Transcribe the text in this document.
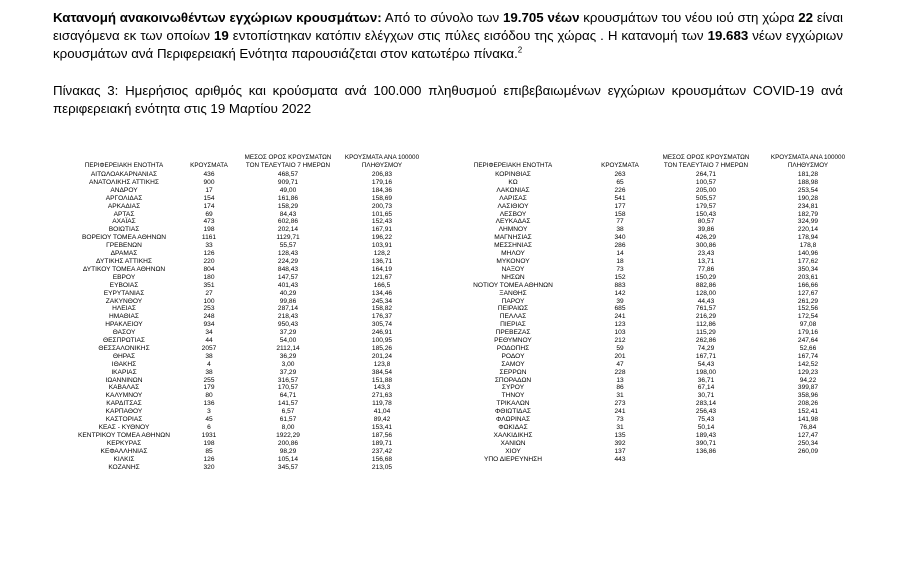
Κατανομή ανακοινωθέντων εγχώριων κρουσμάτων: Από το σύνολο των 19.705 νέων κρουσμάτων του νέου ιού στη χώρα 22 είναι εισαγόμενα εκ των οποίων 19 εντοπίστηκαν κατόπιν ελέγχων στις πύλες εισόδου της χώρας . Η κατανομή των 19.683 νέων εγχώριων κρουσμάτων ανά Περιφερειακή Ενότητα παρουσιάζεται στον κατωτέρω πίνακα.$^2$
Πίνακας 3: Ημερήσιος αριθμός και κρούσματα ανά 100.000 πληθυσμού επιβεβαιωμένων εγχώριων κρουσμάτων COVID-19 ανά περιφερειακή ενότητα στις 19 Μαρτίου 2022
ΠΕΡΙΦΕΡΕΙΑΚΗ ΕΝΟΤΗΤΑ	ΚΡΟΥΣΜΑΤΑ
ΜΕΣΟΣ ΟΡΟΣ ΚΡΟΥΣΜΑΤΩΝ
ΤΟΝ ΤΕΛΕΥΤΑΙΟ 7 ΗΜΕΡΩΝ
ΚΡΟΥΣΜΑΤΑ ΑΝΑ 100000
ΠΛΗΘΥΣΜΟΥ	ΠΕΡΙΦΕΡΕΙΑΚΗ ΕΝΟΤΗΤΑ	ΚΡΟΥΣΜΑΤΑ
ΜΕΣΟΣ ΟΡΟΣ ΚΡΟΥΣΜΑΤΩΝ
ΤΟΝ ΤΕΛΕΥΤΑΙΟ 7 ΗΜΕΡΩΝ
ΚΡΟΥΣΜΑΤΑ ΑΝΑ 100000
ΠΛΗΘΥΣΜΟΥ
ΑΙΤΩΛΟΑΚΑΡΝΑΝΙΑΣ	436	468,57	206,83	ΚΟΡΙΝΘΙΑΣ	263	264,71	181,28
ΑΝΑΤΟΛΙΚΗΣ ΑΤΤΙΚΗΣ	900	909,71	179,16	ΚΩ	65	100,57	188,98
ΑΝΔΡΟΥ	17	49,00	184,36	ΛΑΚΩΝΙΑΣ	226	205,00	253,54
ΑΡΓΟΛΙΔΑΣ	154	161,86	158,69	ΛΑΡΙΣΑΣ	541	505,57	190,28
ΑΡΚΑΔΙΑΣ	174	158,29	200,73	ΛΑΣΙΘΙΟΥ	177	179,57	234,81
ΑΡΤΑΣ	69	84,43	101,65	ΛΕΣΒΟΥ	158	150,43	182,79
ΑΧΑΪΑΣ	473	602,86	152,43	ΛΕΥΚΑΔΑΣ	77	80,57	324,99
ΒΟΙΩΤΙΑΣ	198	202,14	167,91	ΛΗΜΝΟΥ	38	39,86	220,14
ΒΟΡΕΙΟΥ ΤΟΜΕΑ ΑΘΗΝΩΝ	1161	1129,71	196,22	ΜΑΓΝΗΣΙΑΣ	340	426,29	178,94
ΓΡΕΒΕΝΩΝ	33	55,57	103,91	ΜΕΣΣΗΝΙΑΣ	286	300,86	178,8
ΔΡΑΜΑΣ	126	128,43	128,2	ΜΗΛΟΥ	14	23,43	140,96
ΔΥΤΙΚΗΣ ΑΤΤΙΚΗΣ	220	224,29	136,71	ΜΥΚΟΝΟΥ	18	13,71	177,62
ΔΥΤΙΚΟΥ ΤΟΜΕΑ ΑΘΗΝΩΝ	804	848,43	164,19	ΝΑΞΟΥ	73	77,86	350,34
ΕΒΡΟΥ	180	147,57	121,67	ΝΗΣΩΝ	152	150,29	203,61
ΕΥΒΟΙΑΣ	351	401,43	166,5	ΝΟΤΙΟΥ ΤΟΜΕΑ ΑΘΗΝΩΝ	883	882,86	166,66
ΕΥΡΥΤΑΝΙΑΣ	27	40,29	134,46	ΞΑΝΘΗΣ	142	128,00	127,67
ΖΑΚΥΝΘΟΥ	100	99,86	245,34	ΠΑΡΟΥ	39	44,43	261,29
ΗΛΕΙΑΣ	253	287,14	158,82	ΠΕΙΡΑΙΩΣ	685	761,57	152,56
ΗΜΑΘΙΑΣ	248	218,43	176,37	ΠΕΛΛΑΣ	241	216,29	172,54
ΗΡΑΚΛΕΙΟΥ	934	950,43	305,74	ΠΙΕΡΙΑΣ	123	112,86	97,08
ΘΑΣΟΥ	34	37,29	246,91	ΠΡΕΒΕΖΑΣ	103	115,29	179,16
ΘΕΣΠΡΩΤΙΑΣ	44	54,00	100,95	ΡΕΘΥΜΝΟΥ	212	262,86	247,64
ΘΕΣΣΑΛΟΝΙΚΗΣ	2057	2112,14	185,26	ΡΟΔΟΠΗΣ	59	74,29	52,66
ΘΗΡΑΣ	38	36,29	201,24	ΡΟΔΟΥ	201	167,71	167,74
ΙΘΑΚΗΣ	4	3,00	123,8	ΣΑΜΟΥ	47	54,43	142,52
ΙΚΑΡΙΑΣ	38	37,29	384,54	ΣΕΡΡΩΝ	228	198,00	129,23
ΙΩΑΝΝΙΝΩΝ	255	316,57	151,88	ΣΠΟΡΑΔΩΝ	13	36,71	94,22
ΚΑΒΑΛΑΣ	179	170,57	143,3	ΣΥΡΟΥ	86	67,14	399,87
ΚΑΛΥΜΝΟΥ	80	64,71	271,63	ΤΗΝΟΥ	31	30,71	358,96
ΚΑΡΔΙΤΣΑΣ	136	141,57	119,78	ΤΡΙΚΑΛΩΝ	273	283,14	208,26
ΚΑΡΠΑΘΟΥ	3	6,57	41,04	ΦΘΙΩΤΙΔΑΣ	241	256,43	152,41
ΚΑΣΤΟΡΙΑΣ	45	61,57	89,42	ΦΛΩΡΙΝΑΣ	73	75,43	141,98
ΚΕΑΣ - ΚΥΘΝΟΥ	6	8,00	153,41	ΦΩΚΙΔΑΣ	31	50,14	76,84
ΚΕΝΤΡΙΚΟΥ ΤΟΜΕΑ ΑΘΗΝΩΝ	1931	1922,29	187,56	ΧΑΛΚΙΔΙΚΗΣ	135	189,43	127,47
ΚΕΡΚΥΡΑΣ	198	200,86	189,71	ΧΑΝΙΩΝ	392	390,71	250,34
ΚΕΦΑΛΛΗΝΙΑΣ	85	98,29	237,42	ΧΙΟΥ	137	136,86	260,09
ΚΙΛΚΙΣ	126	105,14	156,68	ΥΠΟ ΔΙΕΡΕΥΝΗΣΗ	443
ΚΟΖΑΝΗΣ	320	345,57	213,05
